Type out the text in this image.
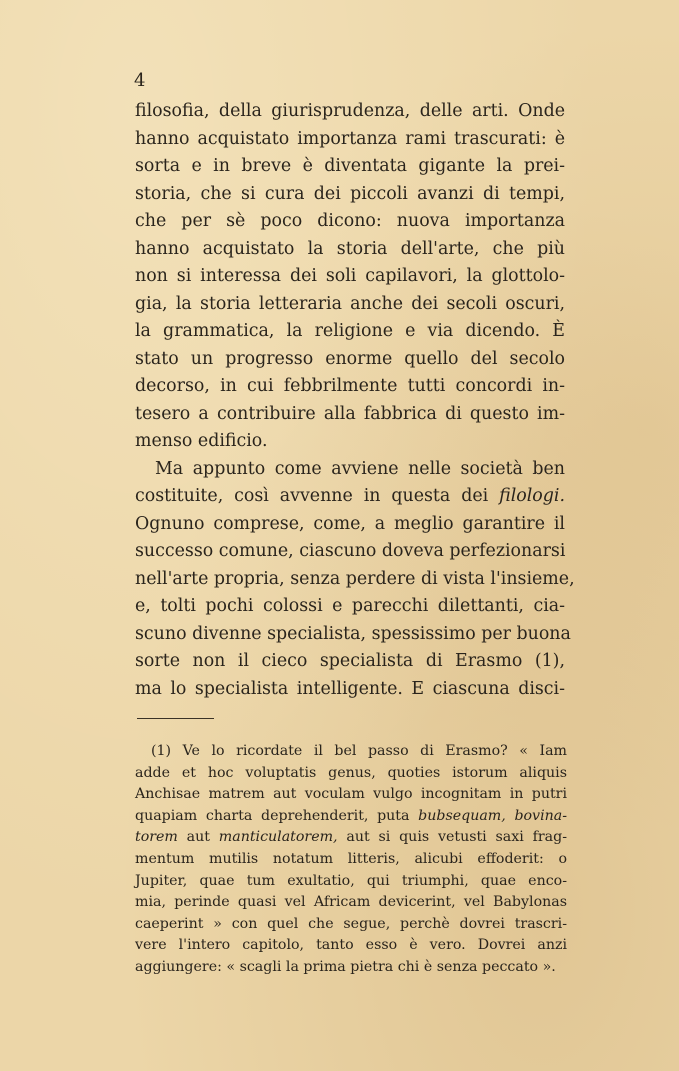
4
filosofia, della giurisprudenza, delle arti. Onde
hanno acquistato importanza rami trascurati: è
sorta e in breve è diventata gigante la prei-
storia, che si cura dei piccoli avanzi di tempi,
che per sè poco dicono: nuova importanza
hanno acquistato la storia dell'arte, che più
non si interessa dei soli capilavori, la glottolo-
gia, la storia letteraria anche dei secoli oscuri,
la grammatica, la religione e via dicendo. È
stato un progresso enorme quello del secolo
decorso, in cui febbrilmente tutti concordi in-
tesero a contribuire alla fabbrica di questo im-
menso edificio.
Ma appunto come avviene nelle società ben
costituite, così avvenne in questa dei filologi.
Ognuno comprese, come, a meglio garantire il
successo comune, ciascuno doveva perfezionarsi
nell'arte propria, senza perdere di vista l'insieme,
e, tolti pochi colossi e parecchi dilettanti, cia-
scuno divenne specialista, spessissimo per buona
sorte non il cieco specialista di Erasmo (1),
ma lo specialista intelligente. E ciascuna disci-
(1) Ve lo ricordate il bel passo di Erasmo? « Iam
adde et hoc voluptatis genus, quoties istorum aliquis
Anchisae matrem aut voculam vulgo incognitam in putri
quapiam charta deprehenderit, puta bubsequam, bovina-
torem aut manticulatorem, aut si quis vetusti saxi frag-
mentum mutilis notatum litteris, alicubi effoderit: o
Jupiter, quae tum exultatio, qui triumphi, quae enco-
mia, perinde quasi vel Africam devicerint, vel Babylonas
caeperint » con quel che segue, perchè dovrei trascri-
vere l'intero capitolo, tanto esso è vero. Dovrei anzi
aggiungere: « scagli la prima pietra chi è senza peccato ».
